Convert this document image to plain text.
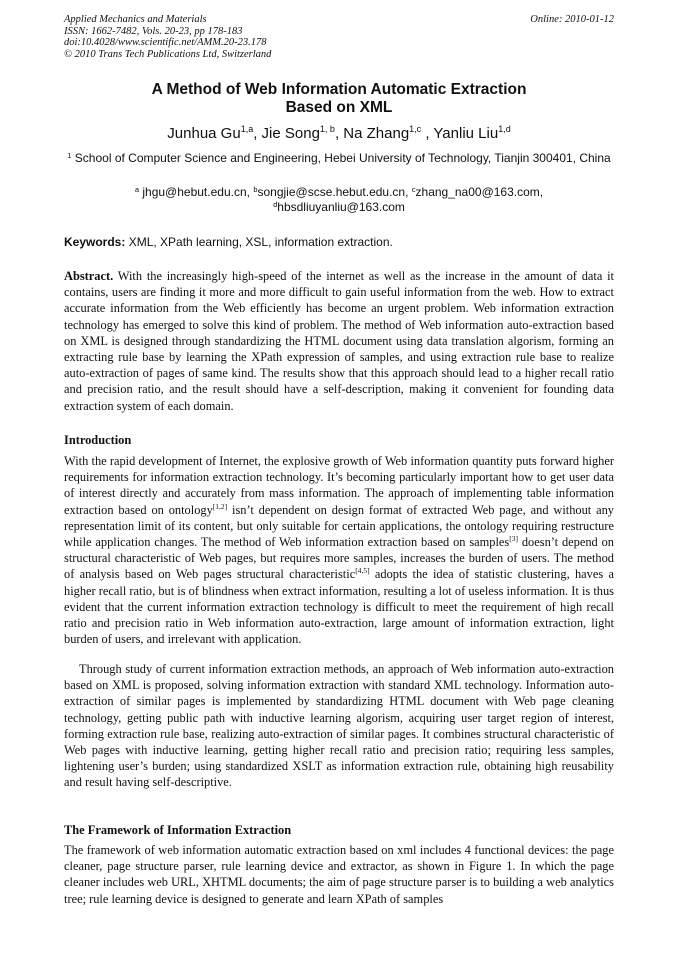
Applied Mechanics and Materials
ISSN: 1662-7482, Vols. 20-23, pp 178-183
doi:10.4028/www.scientific.net/AMM.20-23.178
© 2010 Trans Tech Publications Ltd, Switzerland
Online: 2010-01-12
A Method of Web Information Automatic Extraction
Based on XML
Junhua Gu$^{1,a}$, Jie Song$^{1, b}$, Na Zhang$^{1,c}$ , Yanliu Liu$^{1,d}$
$^1$ School of Computer Science and Engineering, Hebei University of Technology, Tianjin 300401, China
$^a$ jhgu@hebut.edu.cn, $^b$songjie@scse.hebut.edu.cn, $^c$zhang_na00@163.com,
$^d$hbsdliuyanliu@163.com
Keywords: XML, XPath learning, XSL, information extraction.
Abstract. With the increasingly high-speed of the internet as well as the increase in the amount of data it contains, users are finding it more and more difficult to gain useful information from the web. How to extract accurate information from the Web efficiently has become an urgent problem. Web information extraction technology has emerged to solve this kind of problem. The method of Web information auto-extraction based on XML is designed through standardizing the HTML document using data translation algorism, forming an extracting rule base by learning the XPath expression of samples, and using extraction rule base to realize auto-extraction of pages of same kind. The results show that this approach should lead to a higher recall ratio and precision ratio, and the result should have a self-description, making it convenient for founding data extraction system of each domain.
Introduction
With the rapid development of Internet, the explosive growth of Web information quantity puts forward higher requirements for information extraction technology. It’s becoming particularly important how to get user data of interest directly and accurately from mass information. The approach of implementing table information extraction based on ontology[1,2] isn’t dependent on design format of extracted Web page, and without any representation limit of its content, but only suitable for certain applications, the ontology requiring restructure while application changes. The method of Web information extraction based on samples[3] doesn’t depend on structural characteristic of Web pages, but requires more samples, increases the burden of users. The method of analysis based on Web pages structural characteristic[4,5] adopts the idea of statistic clustering, haves a higher recall ratio, but is of blindness when extract information, resulting a lot of useless information. It is thus evident that the current information extraction technology is difficult to meet the requirement of high recall ratio and precision ratio in Web information auto-extraction, large amount of information extraction, light burden of users, and irrelevant with application.
Through study of current information extraction methods, an approach of Web information auto-extraction based on XML is proposed, solving information extraction with standard XML technology. Information auto-extraction of similar pages is implemented by standardizing HTML document with Web page cleaning technology, getting public path with inductive learning algorism, acquiring user target region of interest, forming extraction rule base, realizing auto-extraction of similar pages. It combines structural characteristic of Web pages with inductive learning, getting higher recall ratio and precision ratio; requiring less samples, lightening user’s burden; using standardized XSLT as information extraction rule, obtaining high reusability and result having self-descriptive.
The Framework of Information Extraction
The framework of web information automatic extraction based on xml includes 4 functional devices: the page cleaner, page structure parser, rule learning device and extractor, as shown in Figure 1. In which the page cleaner includes web URL, XHTML documents; the aim of page structure parser is to building a web analytics tree; rule learning device is designed to generate and learn XPath of samples
